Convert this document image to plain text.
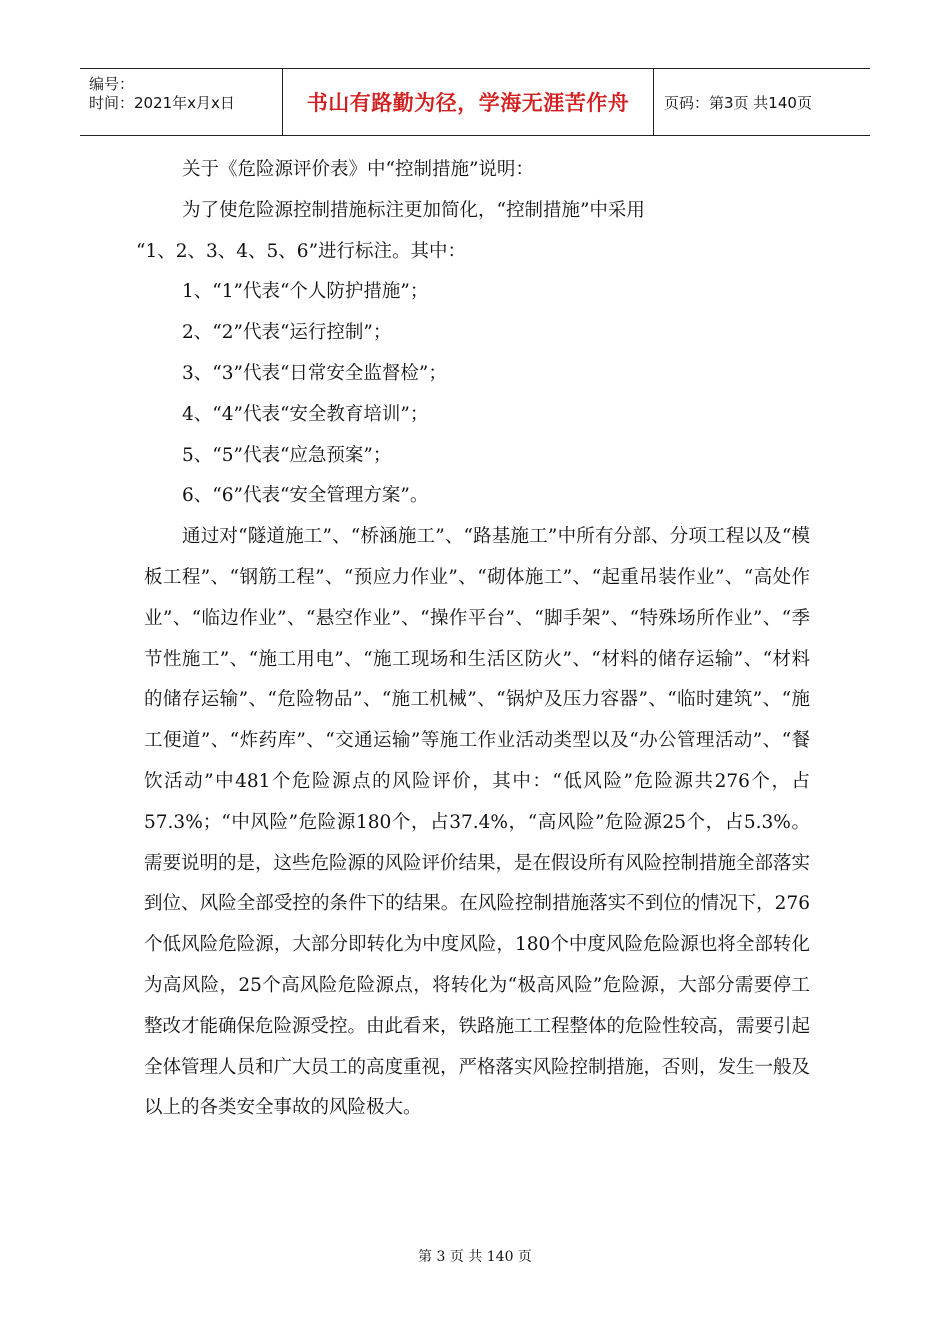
编号：
时间：2021年x月x日	书山有路勤为径，学海无涯苦作舟	页码：第3页 共140页

关于《危险源评价表》中“控制措施”说明：

为了使危险源控制措施标注更加简化，“控制措施”中采用

“1、2、3、4、5、6”进行标注。其中：

1、“1”代表“个人防护措施”；

2、“2”代表“运行控制”；

3、“3”代表“日常安全监督检”；

4、“4”代表“安全教育培训”；

5、“5”代表“应急预案”；

6、“6”代表“安全管理方案”。

通过对“隧道施工”、“桥涵施工”、“路基施工”中所有分部、分项工程以及“模板工程”、“钢筋工程”、“预应力作业”、“砌体施工”、“起重吊装作业”、“高处作业”、“临边作业”、“悬空作业”、“操作平台”、“脚手架”、“特殊场所作业”、“季节性施工”、“施工用电”、“施工现场和生活区防火”、“材料的储存运输”、“材料的储存运输”、“危险物品”、“施工机械”、“锅炉及压力容器”、“临时建筑”、“施工便道”、“炸药库”、“交通运输”等施工作业活动类型以及“办公管理活动”、“餐饮活动”中481个危险源点的风险评价，其中：“低风险”危险源共276个，占57.3%；“中风险”危险源180个，占37.4%，“高风险”危险源25个，占5.3%。需要说明的是，这些危险源的风险评价结果，是在假设所有风险控制措施全部落实到位、风险全部受控的条件下的结果。在风险控制措施落实不到位的情况下，276个低风险危险源，大部分即转化为中度风险，180个中度风险危险源也将全部转化为高风险，25个高风险危险源点，将转化为“极高风险”危险源，大部分需要停工整改才能确保危险源受控。由此看来，铁路施工工程整体的危险性较高，需要引起全体管理人员和广大员工的高度重视，严格落实风险控制措施，否则，发生一般及以上的各类安全事故的风险极大。

第 3 页 共 140 页
